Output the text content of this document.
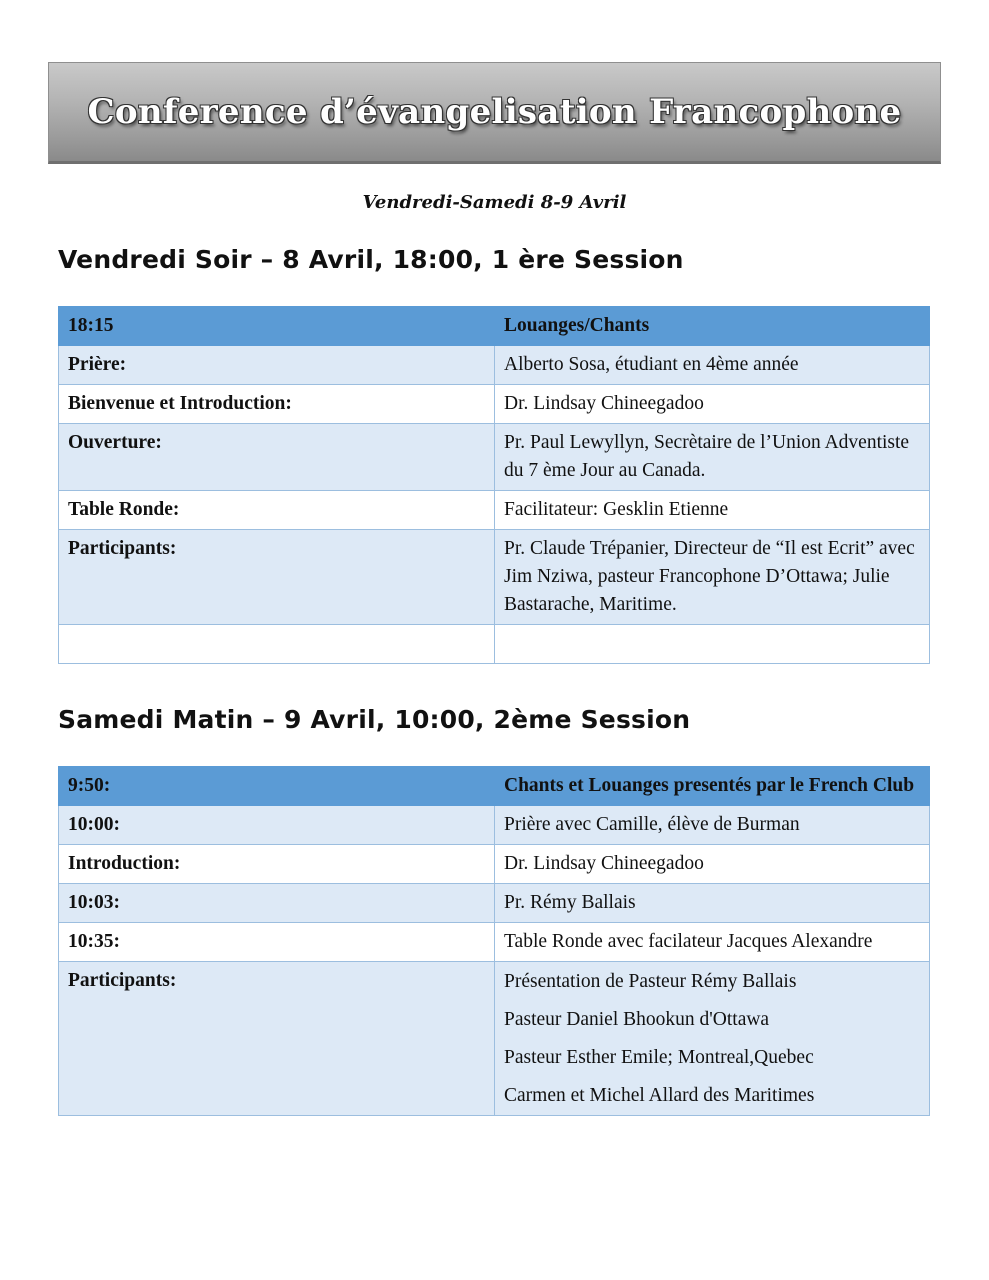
Conference d’évangelisation Francophone
Vendredi-Samedi 8-9 Avril
Vendredi Soir – 8 Avril, 18:00, 1 ère Session
18:15	Louanges/Chants
Prière:	Alberto Sosa, étudiant en 4ème année
Bienvenue et Introduction:	Dr. Lindsay Chineegadoo
Ouverture:	Pr. Paul Lewyllyn, Secrètaire de l’Union Adventiste du 7 ème Jour au Canada.
Table Ronde:	Facilitateur: Gesklin Etienne
Participants:	Pr. Claude Trépanier, Directeur de “Il est Ecrit” avec Jim Nziwa, pasteur Francophone D’Ottawa; Julie Bastarache, Maritime.

Samedi Matin – 9 Avril, 10:00, 2ème Session
9:50:	Chants et Louanges presentés par le French Club
10:00:	Prière avec Camille, élève de Burman
Introduction:	Dr. Lindsay Chineegadoo
10:03:	Pr. Rémy Ballais
10:35:	Table Ronde avec facilateur Jacques Alexandre
Participants:	Présentation de Pasteur Rémy Ballais
Pasteur Daniel Bhookun d'Ottawa
Pasteur Esther Emile; Montreal,Quebec
Carmen et Michel Allard des Maritimes
